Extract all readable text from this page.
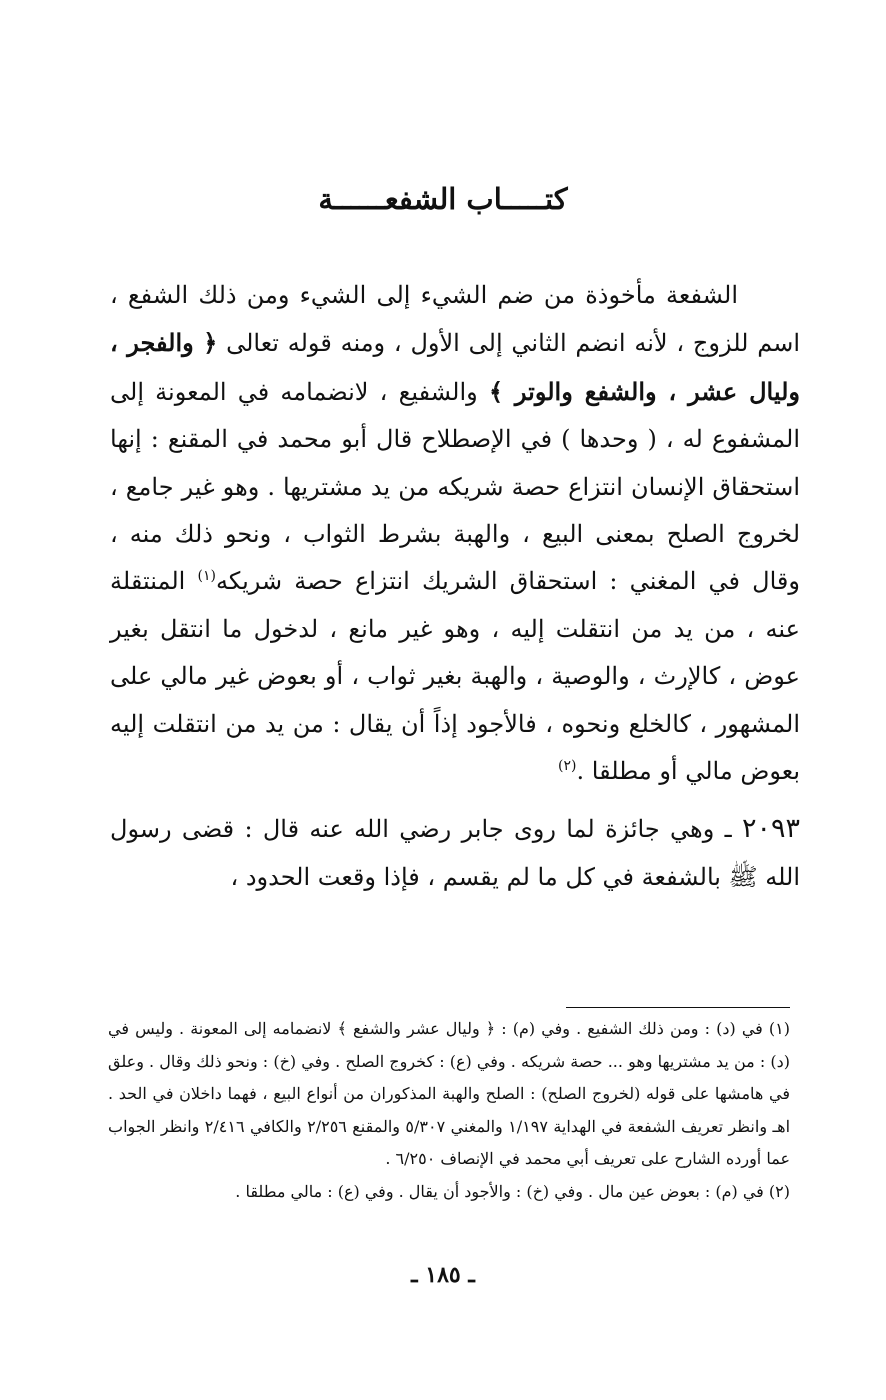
كتـــــاب الشفعــــــة

الشفعة مأخوذة من ضم الشيء إلى الشيء ومن ذلك الشفع ، اسم للزوج ، لأنه انضم الثاني إلى الأول ، ومنه قوله تعالى ﴿ والفجر ، وليال عشر ، والشفع والوتر ﴾ والشفيع ، لانضمامه في المعونة إلى المشفوع له ، ( وحدها ) في الإصطلاح قال أبو محمد في المقنع : إنها استحقاق الإنسان انتزاع حصة شريكه من يد مشتريها . وهو غير جامع ، لخروج الصلح بمعنى البيع ، والهبة بشرط الثواب ، ونحو ذلك منه ، وقال في المغني : استحقاق الشريك انتزاع حصة شريكه$^{(١)}$ المنتقلة عنه ، من يد من انتقلت إليه ، وهو غير مانع ، لدخول ما انتقل بغير عوض ، كالإرث ، والوصية ، والهبة بغير ثواب ، أو بعوض غير مالي على المشهور ، كالخلع ونحوه ، فالأجود إذاً أن يقال : من يد من انتقلت إليه بعوض مالي أو مطلقا .$^{(٢)}$

٢٠٩٣ ـ وهي جائزة لما روى جابر رضي الله عنه قال : قضى رسول الله ﷺ بالشفعة في كل ما لم يقسم ، فإذا وقعت الحدود ،

(١) في (د) : ومن ذلك الشفيع . وفي (م) : ﴿ وليال عشر والشفع ﴾ لانضمامه إلى المعونة . وليس في (د) : من يد مشتريها وهو ... حصة شريكه . وفي (ع) : كخروج الصلح . وفي (خ) : ونحو ذلك وقال . وعلق في هامشها على قوله (لخروج الصلح) : الصلح والهبة المذكوران من أنواع البيع ، فهما داخلان في الحد . اهـ وانظر تعريف الشفعة في الهداية ١/١٩٧ والمغني ٥/٣٠٧ والمقنع ٢/٢٥٦ والكافي ٢/٤١٦ وانظر الجواب عما أورده الشارح على تعريف أبي محمد في الإنصاف ٦/٢٥٠ .

(٢) في (م) : بعوض عين مال . وفي (خ) : والأجود أن يقال . وفي (ع) : مالي مطلقا .

ـ ١٨٥ ـ
